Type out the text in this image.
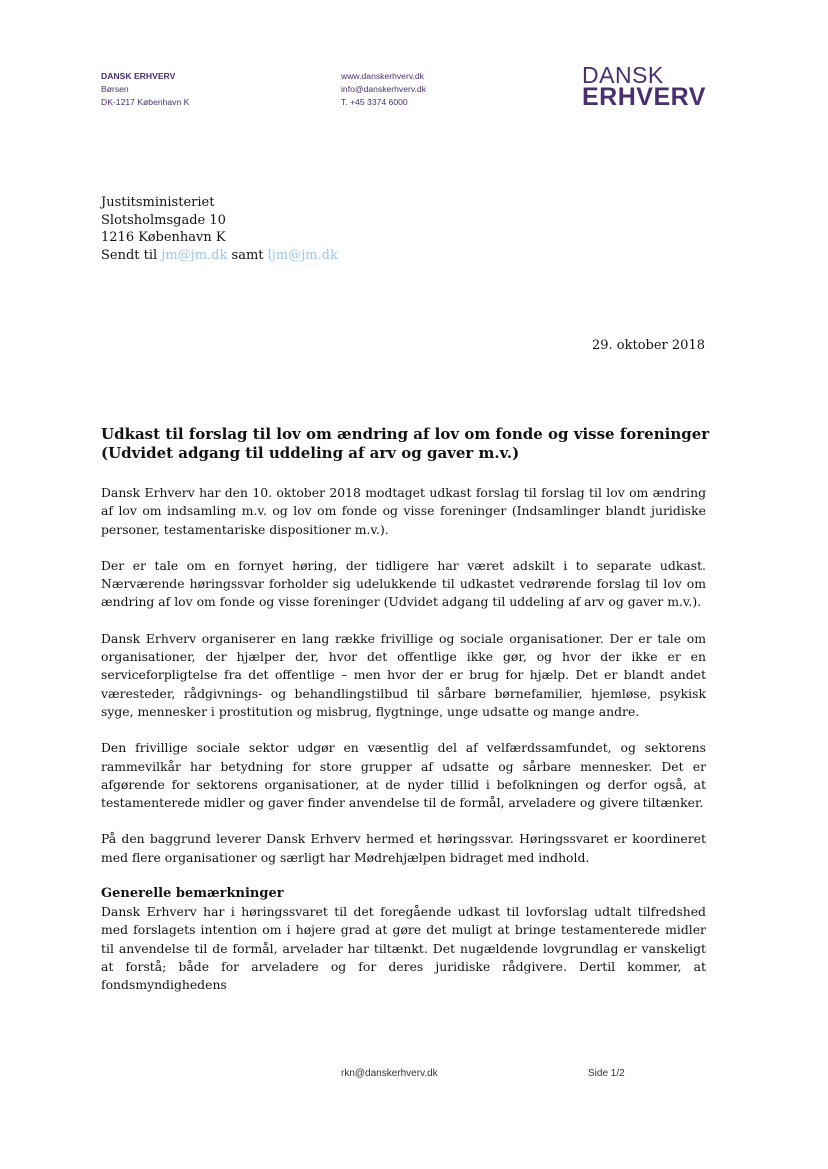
DANSK ERHVERV
Børsen
DK-1217 København K
www.danskerhverv.dk
info@danskerhverv.dk
T. +45 3374 6000
DANSK
ERHVERV
Justitsministeriet
Slotsholmsgade 10
1216 København K
Sendt til jm@jm.dk samt ljm@jm.dk
29. oktober 2018
Udkast til forslag til lov om ændring af lov om fonde og visse foreninger (Udvidet adgang til uddeling af arv og gaver m.v.)

Dansk Erhverv har den 10. oktober 2018 modtaget udkast forslag til forslag til lov om ændring af lov om indsamling m.v. og lov om fonde og visse foreninger (Indsamlinger blandt juridiske personer, testamentariske dispositioner m.v.).

Der er tale om en fornyet høring, der tidligere har været adskilt i to separate udkast. Nærværende høringssvar forholder sig udelukkende til udkastet vedrørende forslag til lov om ændring af lov om fonde og visse foreninger (Udvidet adgang til uddeling af arv og gaver m.v.).

Dansk Erhverv organiserer en lang række frivillige og sociale organisationer. Der er tale om organisationer, der hjælper der, hvor det offentlige ikke gør, og hvor der ikke er en serviceforpligtelse fra det offentlige – men hvor der er brug for hjælp. Det er blandt andet væresteder, rådgivnings- og behandlingstilbud til sårbare børnefamilier, hjemløse, psykisk syge, mennesker i prostitution og misbrug, flygtninge, unge udsatte og mange andre.

Den frivillige sociale sektor udgør en væsentlig del af velfærdssamfundet, og sektorens rammevilkår har betydning for store grupper af udsatte og sårbare mennesker. Det er afgørende for sektorens organisationer, at de nyder tillid i befolkningen og derfor også, at testamenterede midler og gaver finder anvendelse til de formål, arveladere og givere tiltænker.

På den baggrund leverer Dansk Erhverv hermed et høringssvar. Høringssvaret er koordineret med flere organisationer og særligt har Mødrehjælpen bidraget med indhold.

Generelle bemærkninger

Dansk Erhverv har i høringssvaret til det foregående udkast til lovforslag udtalt tilfredshed med forslagets intention om i højere grad at gøre det muligt at bringe testamenterede midler til anvendelse til de formål, arvelader har tiltænkt. Det nugældende lovgrundlag er vanskeligt at forstå; både for arveladere og for deres juridiske rådgivere. Dertil kommer, at fondsmyndighedens

rkn@danskerhverv.dk	Side 1/2
